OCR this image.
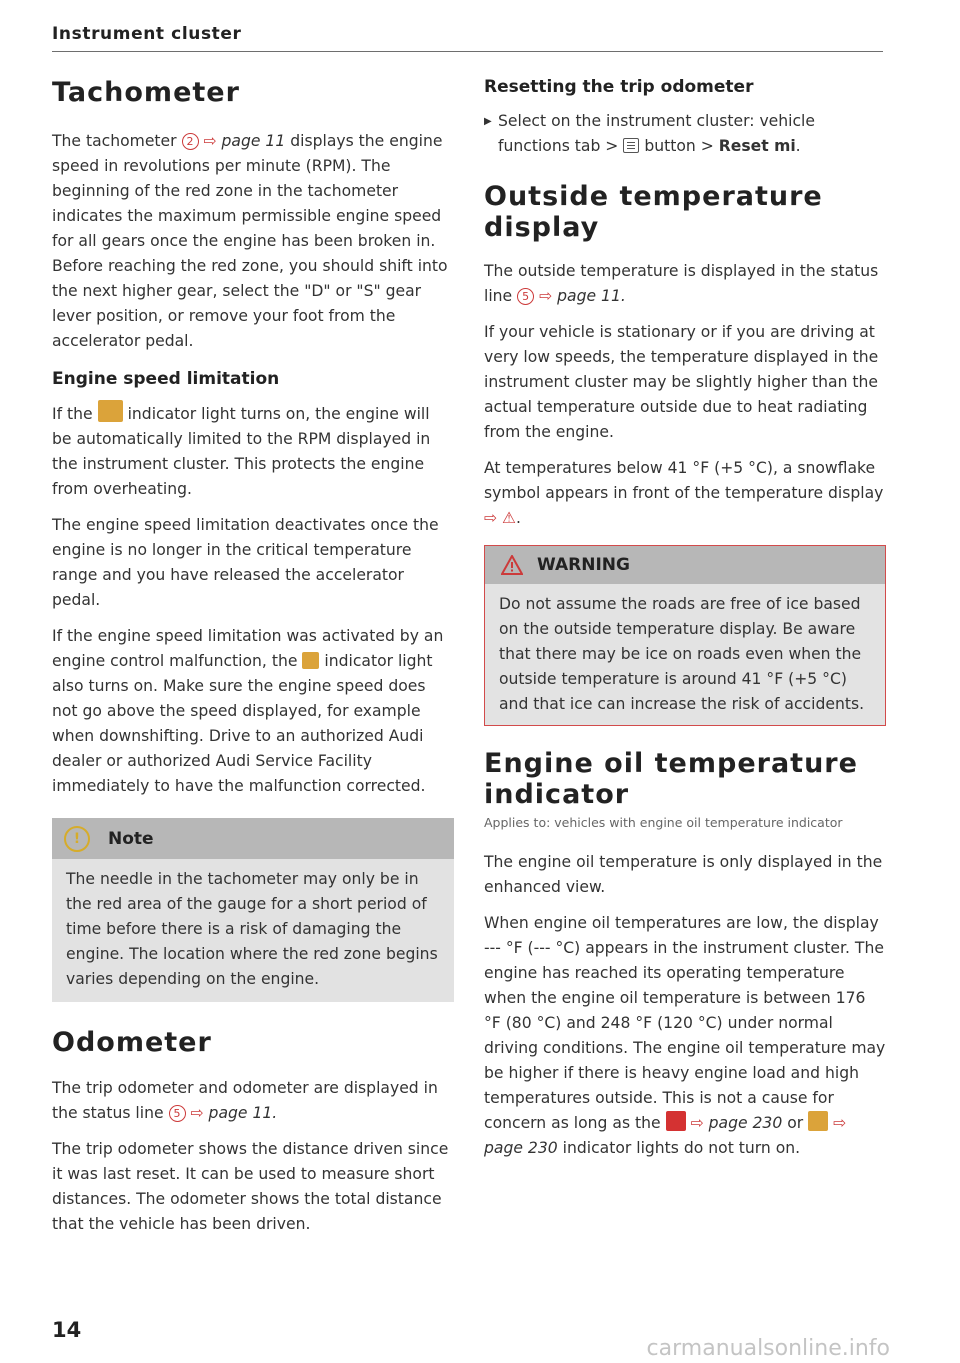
Instrument cluster
Tachometer

The tachometer 2 ⇨ page 11 displays the engine speed in revolutions per minute (RPM). The beginning of the red zone in the tachometer indicates the maximum permissible engine speed for all gears once the engine has been broken in. Before reaching the red zone, you should shift into the next higher gear, select the "D" or "S" gear lever position, or remove your foot from the accelerator pedal.

Engine speed limitation

If the indicator light turns on, the engine will be automatically limited to the RPM displayed in the instrument cluster. This protects the engine from overheating.

The engine speed limitation deactivates once the engine is no longer in the critical temperature range and you have released the accelerator pedal.

If the engine speed limitation was activated by an engine control malfunction, the indicator light also turns on. Make sure the engine speed does not go above the speed displayed, for example when downshifting. Drive to an authorized Audi dealer or authorized Audi Service Facility immediately to have the malfunction corrected.

!	Note

The needle in the tachometer may only be in the red area of the gauge for a short period of time before there is a risk of damaging the engine. The location where the red zone begins varies depending on the engine.

Odometer

The trip odometer and odometer are displayed in the status line 5 ⇨ page 11.

The trip odometer shows the distance driven since it was last reset. It can be used to measure short distances. The odometer shows the total distance that the vehicle has been driven.

Resetting the trip odometer
▶ Select on the instrument cluster: vehicle functions tab > button > Reset mi.

Outside temperature display

The outside temperature is displayed in the status line 5 ⇨ page 11.

If your vehicle is stationary or if you are driving at very low speeds, the temperature displayed in the instrument cluster may be slightly higher than the actual temperature outside due to heat radiating from the engine.

At temperatures below 41 °F (+5 °C), a snowflake symbol appears in front of the temperature display ⇨ ⚠.

WARNING

Do not assume the roads are free of ice based on the outside temperature display. Be aware that there may be ice on roads even when the outside temperature is around 41 °F (+5 °C) and that ice can increase the risk of accidents.

Engine oil temperature indicator
Applies to: vehicles with engine oil temperature indicator

The engine oil temperature is only displayed in the enhanced view.

When engine oil temperatures are low, the display --- °F (--- °C) appears in the instrument cluster. The engine has reached its operating temperature when the engine oil temperature is between 176 °F (80 °C) and 248 °F (120 °C) under normal driving conditions. The engine oil temperature may be higher if there is heavy engine load and high temperatures outside. This is not a cause for concern as long as the ⇨ page 230 or ⇨ page 230 indicator lights do not turn on.

14
carmanualsonline.info
